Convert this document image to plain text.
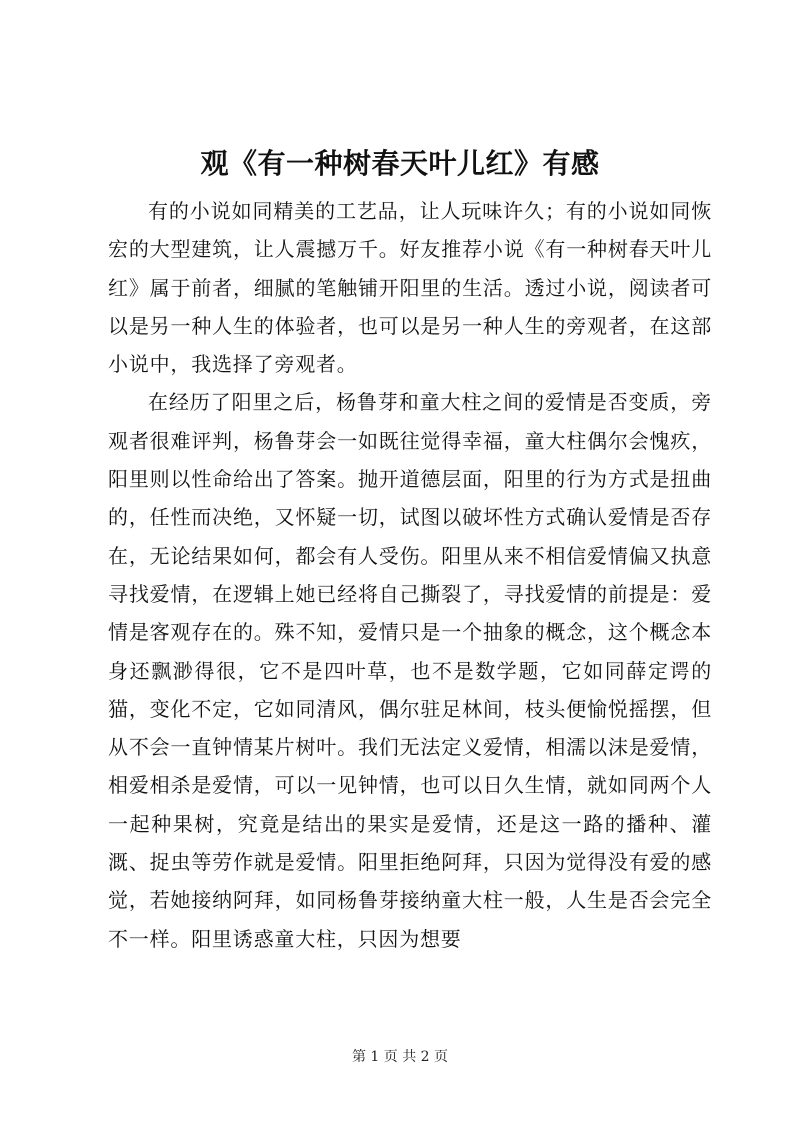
观《有一种树春天叶儿红》有感

有的小说如同精美的工艺品，让人玩味许久；有的小说如同恢宏的大型建筑，让人震撼万千。好友推荐小说《有一种树春天叶儿红》属于前者，细腻的笔触铺开阳里的生活。透过小说，阅读者可以是另一种人生的体验者，也可以是另一种人生的旁观者，在这部小说中，我选择了旁观者。

在经历了阳里之后，杨鲁芽和童大柱之间的爱情是否变质，旁观者很难评判，杨鲁芽会一如既往觉得幸福，童大柱偶尔会愧疚，阳里则以性命给出了答案。抛开道德层面，阳里的行为方式是扭曲的，任性而决绝，又怀疑一切，试图以破坏性方式确认爱情是否存在，无论结果如何，都会有人受伤。阳里从来不相信爱情偏又执意寻找爱情，在逻辑上她已经将自己撕裂了，寻找爱情的前提是：爱情是客观存在的。殊不知，爱情只是一个抽象的概念，这个概念本身还飘渺得很，它不是四叶草，也不是数学题，它如同薛定谔的猫，变化不定，它如同清风，偶尔驻足林间，枝头便愉悦摇摆，但从不会一直钟情某片树叶。我们无法定义爱情，相濡以沫是爱情，相爱相杀是爱情，可以一见钟情，也可以日久生情，就如同两个人一起种果树，究竟是结出的果实是爱情，还是这一路的播种、灌溉、捉虫等劳作就是爱情。阳里拒绝阿拜，只因为觉得没有爱的感觉，若她接纳阿拜，如同杨鲁芽接纳童大柱一般，人生是否会完全不一样。阳里诱惑童大柱，只因为想要

第 1 页 共 2 页
